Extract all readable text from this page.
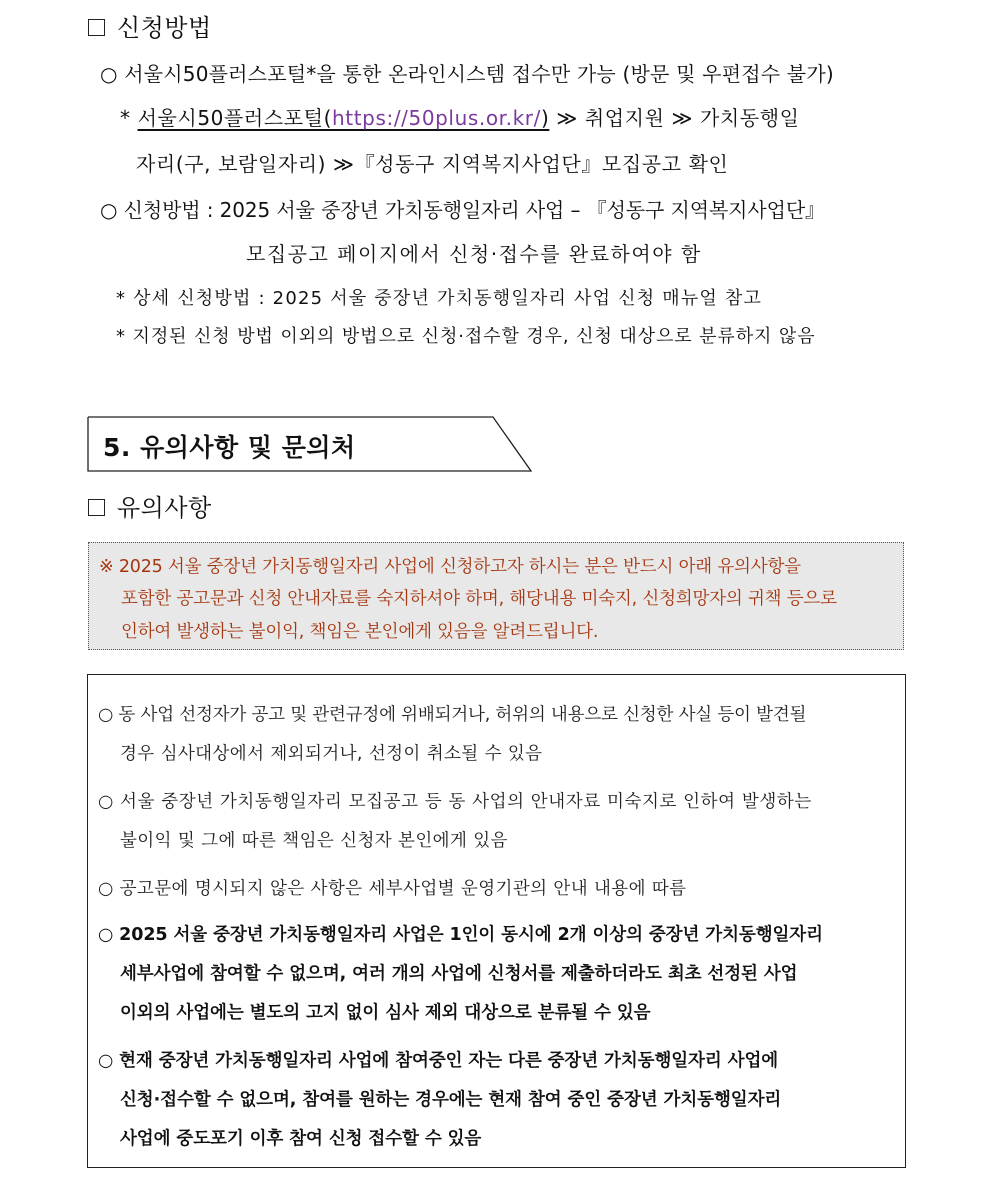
신청방법
○ 서울시50플러스포털*을 통한 온라인시스템 접수만 가능 (방문 및 우편접수 불가)
* 서울시50플러스포털(https://50plus.or.kr/) ≫ 취업지원 ≫ 가치동행일
자리(구, 보람일자리) ≫『성동구 지역복지사업단』모집공고 확인
○ 신청방법 : 2025 서울 중장년 가치동행일자리 사업 – 『성동구 지역복지사업단』
모집공고 페이지에서 신청·접수를 완료하여야 함
* 상세 신청방법 : 2025 서울 중장년 가치동행일자리 사업 신청 매뉴얼 참고
* 지정된 신청 방법 이외의 방법으로 신청·접수할 경우, 신청 대상으로 분류하지 않음
5. 유의사항 및 문의처
유의사항
※ 2025 서울 중장년 가치동행일자리 사업에 신청하고자 하시는 분은 반드시 아래 유의사항을
포함한 공고문과 신청 안내자료를 숙지하셔야 하며, 해당내용 미숙지, 신청희망자의 귀책 등으로
인하여 발생하는 불이익, 책임은 본인에게 있음을 알려드립니다.
○ 동 사업 선정자가 공고 및 관련규정에 위배되거나, 허위의 내용으로 신청한 사실 등이 발견될
경우 심사대상에서 제외되거나, 선정이 취소될 수 있음
○ 서울 중장년 가치동행일자리 모집공고 등 동 사업의 안내자료 미숙지로 인하여 발생하는
불이익 및 그에 따른 책임은 신청자 본인에게 있음
○ 공고문에 명시되지 않은 사항은 세부사업별 운영기관의 안내 내용에 따름
○ 2025 서울 중장년 가치동행일자리 사업은 1인이 동시에 2개 이상의 중장년 가치동행일자리
세부사업에 참여할 수 없으며, 여러 개의 사업에 신청서를 제출하더라도 최초 선정된 사업
이외의 사업에는 별도의 고지 없이 심사 제외 대상으로 분류될 수 있음
○ 현재 중장년 가치동행일자리 사업에 참여중인 자는 다른 중장년 가치동행일자리 사업에
신청·접수할 수 없으며, 참여를 원하는 경우에는 현재 참여 중인 중장년 가치동행일자리
사업에 중도포기 이후 참여 신청 접수할 수 있음
